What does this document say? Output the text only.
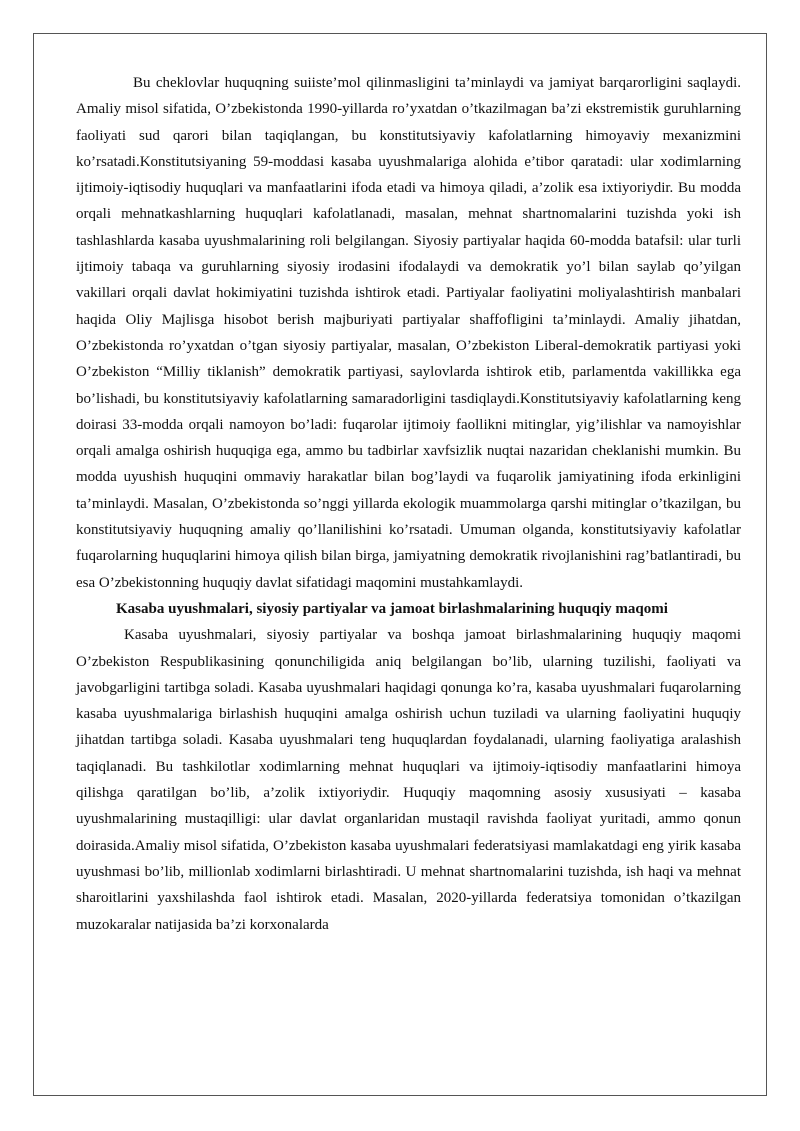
Bu cheklovlar huquqning suiiste’mol qilinmasligini ta’minlaydi va jamiyat barqarorligini saqlaydi. Amaliy misol sifatida, O’zbekistonda 1990-yillarda ro’yxatdan o’tkazilmagan ba’zi ekstremistik guruhlarning faoliyati sud qarori bilan taqiqlangan, bu konstitutsiyaviy kafolatlarning himoyaviy mexanizmini ko’rsatadi.Konstitutsiyaning 59-moddasi kasaba uyushmalariga alohida e’tibor qaratadi: ular xodimlarning ijtimoiy-iqtisodiy huquqlari va manfaatlarini ifoda etadi va himoya qiladi, a’zolik esa ixtiyoriydir. Bu modda orqali mehnatkashlarning huquqlari kafolatlanadi, masalan, mehnat shartnomalarini tuzishda yoki ish tashlashlarda kasaba uyushmalarining roli belgilangan. Siyosiy partiyalar haqida 60-modda batafsil: ular turli ijtimoiy tabaqa va guruhlarning siyosiy irodasini ifodalaydi va demokratik yo’l bilan saylab qo’yilgan vakillari orqali davlat hokimiyatini tuzishda ishtirok etadi. Partiyalar faoliyatini moliyalashtirish manbalari haqida Oliy Majlisga hisobot berish majburiyati partiyalar shaffofligini ta’minlaydi. Amaliy jihatdan, O’zbekistonda ro’yxatdan o’tgan siyosiy partiyalar, masalan, O’zbekiston Liberal-demokratik partiyasi yoki O’zbekiston “Milliy tiklanish” demokratik partiyasi, saylovlarda ishtirok etib, parlamentda vakillikka ega bo’lishadi, bu konstitutsiyaviy kafolatlarning samaradorligini tasdiqlaydi.Konstitutsiyaviy kafolatlarning keng doirasi 33-modda orqali namoyon bo’ladi: fuqarolar ijtimoiy faollikni mitinglar, yig’ilishlar va namoyishlar orqali amalga oshirish huquqiga ega, ammo bu tadbirlar xavfsizlik nuqtai nazaridan cheklanishi mumkin. Bu modda uyushish huquqini ommaviy harakatlar bilan bog’laydi va fuqarolik jamiyatining ifoda erkinligini ta’minlaydi. Masalan, O’zbekistonda so’nggi yillarda ekologik muammolarga qarshi mitinglar o’tkazilgan, bu konstitutsiyaviy huquqning amaliy qo’llanilishini ko’rsatadi. Umuman olganda, konstitutsiyaviy kafolatlar fuqarolarning huquqlarini himoya qilish bilan birga, jamiyatning demokratik rivojlanishini rag’batlantiradi, bu esa O’zbekistonning huquqiy davlat sifatidagi maqomini mustahkamlaydi.

Kasaba uyushmalari, siyosiy partiyalar va jamoat birlashmalarining huquqiy maqomi

Kasaba uyushmalari, siyosiy partiyalar va boshqa jamoat birlashmalarining huquqiy maqomi O’zbekiston Respublikasining qonunchiligida aniq belgilangan bo’lib, ularning tuzilishi, faoliyati va javobgarligini tartibga soladi. Kasaba uyushmalari haqidagi qonunga ko’ra, kasaba uyushmalari fuqarolarning kasaba uyushmalariga birlashish huquqini amalga oshirish uchun tuziladi va ularning faoliyatini huquqiy jihatdan tartibga soladi. Kasaba uyushmalari teng huquqlardan foydalanadi, ularning faoliyatiga aralashish taqiqlanadi. Bu tashkilotlar xodimlarning mehnat huquqlari va ijtimoiy-iqtisodiy manfaatlarini himoya qilishga qaratilgan bo’lib, a’zolik ixtiyoriydir. Huquqiy maqomning asosiy xususiyati – kasaba uyushmalarining mustaqilligi: ular davlat organlaridan mustaqil ravishda faoliyat yuritadi, ammo qonun doirasida.Amaliy misol sifatida, O’zbekiston kasaba uyushmalari federatsiyasi mamlakatdagi eng yirik kasaba uyushmasi bo’lib, millionlab xodimlarni birlashtiradi. U mehnat shartnomalarini tuzishda, ish haqi va mehnat sharoitlarini yaxshilashda faol ishtirok etadi. Masalan, 2020-yillarda federatsiya tomonidan o’tkazilgan muzokaralar natijasida ba’zi korxonalarda
